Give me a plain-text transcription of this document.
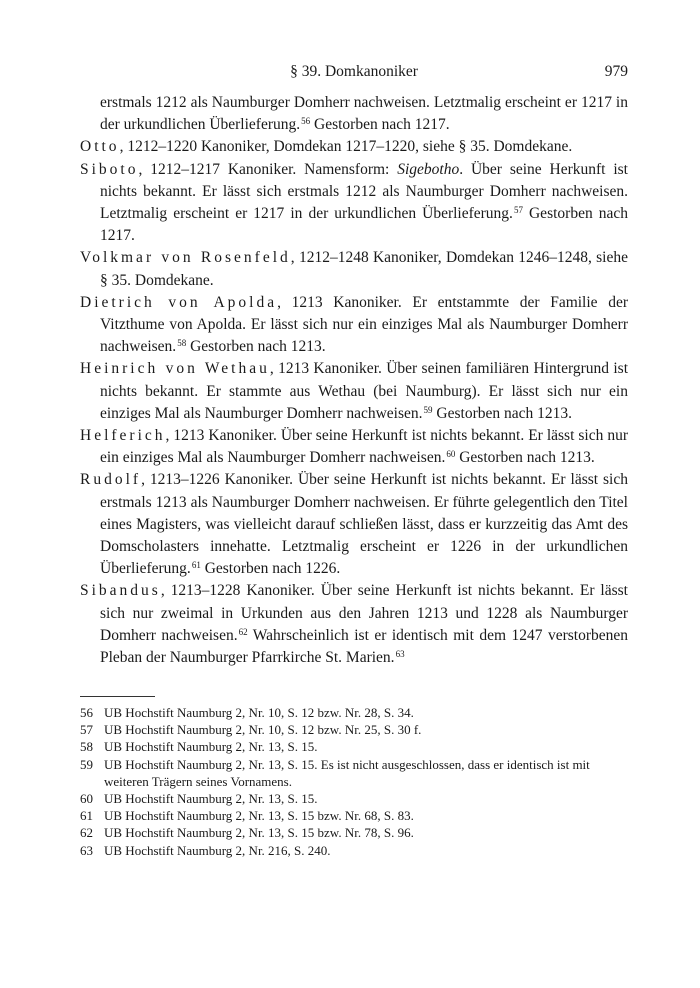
§ 39. Domkanoniker	979

erstmals 1212 als Naumburger Domherr nachweisen. Letztmalig erscheint er 1217 in der urkundlichen Überlieferung.$^{56}$ Gestorben nach 1217.

Otto, 1212–1220 Kanoniker, Domdekan 1217–1220, siehe § 35. Domdekane.

Siboto, 1212–1217 Kanoniker. Namensform: Sigebotho. Über seine Herkunft ist nichts bekannt. Er lässt sich erstmals 1212 als Naumburger Domherr nachweisen. Letztmalig erscheint er 1217 in der urkundlichen Überlieferung.$^{57}$ Gestorben nach 1217.

Volkmar von Rosenfeld, 1212–1248 Kanoniker, Domdekan 1246–1248, siehe § 35. Domdekane.

Dietrich von Apolda, 1213 Kanoniker. Er entstammte der Familie der Vitzthume von Apolda. Er lässt sich nur ein einziges Mal als Naumburger Domherr nachweisen.$^{58}$ Gestorben nach 1213.

Heinrich von Wethau, 1213 Kanoniker. Über seinen familiären Hintergrund ist nichts bekannt. Er stammte aus Wethau (bei Naumburg). Er lässt sich nur ein einziges Mal als Naumburger Domherr nachweisen.$^{59}$ Gestorben nach 1213.

Helferich, 1213 Kanoniker. Über seine Herkunft ist nichts bekannt. Er lässt sich nur ein einziges Mal als Naumburger Domherr nachweisen.$^{60}$ Gestorben nach 1213.

Rudolf, 1213–1226 Kanoniker. Über seine Herkunft ist nichts bekannt. Er lässt sich erstmals 1213 als Naumburger Domherr nachweisen. Er führte gelegentlich den Titel eines Magisters, was vielleicht darauf schließen lässt, dass er kurzzeitig das Amt des Domscholasters innehatte. Letztmalig erscheint er 1226 in der urkundlichen Überlieferung.$^{61}$ Gestorben nach 1226.

Sibandus, 1213–1228 Kanoniker. Über seine Herkunft ist nichts bekannt. Er lässt sich nur zweimal in Urkunden aus den Jahren 1213 und 1228 als Naumburger Domherr nachweisen.$^{62}$ Wahrscheinlich ist er identisch mit dem 1247 verstorbenen Pleban der Naumburger Pfarrkirche St. Marien.$^{63}$

56 UB Hochstift Naumburg 2, Nr. 10, S. 12 bzw. Nr. 28, S. 34.

57 UB Hochstift Naumburg 2, Nr. 10, S. 12 bzw. Nr. 25, S. 30 f.

58 UB Hochstift Naumburg 2, Nr. 13, S. 15.

59 UB Hochstift Naumburg 2, Nr. 13, S. 15. Es ist nicht ausgeschlossen, dass er identisch ist mit weiteren Trägern seines Vornamens.

60 UB Hochstift Naumburg 2, Nr. 13, S. 15.

61 UB Hochstift Naumburg 2, Nr. 13, S. 15 bzw. Nr. 68, S. 83.

62 UB Hochstift Naumburg 2, Nr. 13, S. 15 bzw. Nr. 78, S. 96.

63 UB Hochstift Naumburg 2, Nr. 216, S. 240.
